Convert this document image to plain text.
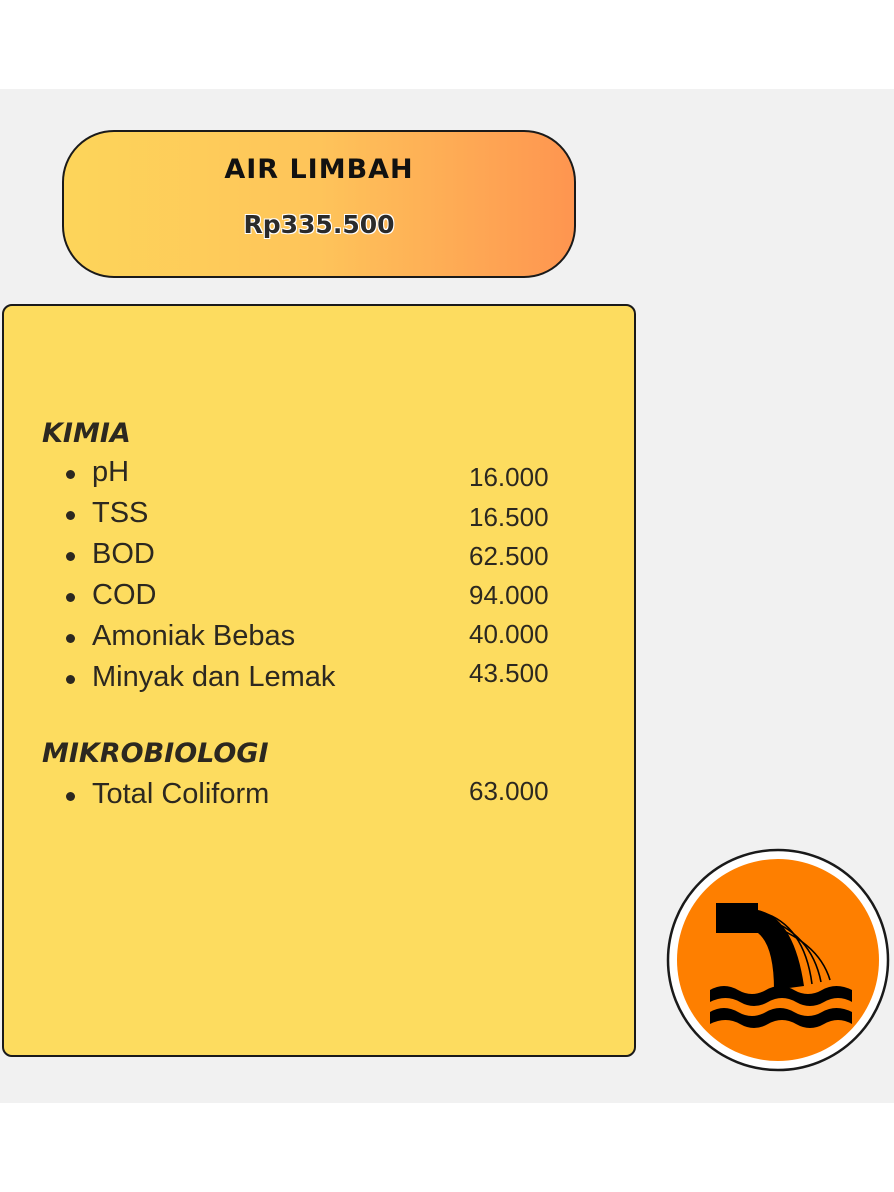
AIR LIMBAH
Rp335.500
KIMIA
pH	16.000
TSS	16.500
BOD	62.500
COD	94.000
Amoniak Bebas	40.000
Minyak dan Lemak	43.500
MIKROBIOLOGI
Total Coliform	63.000
